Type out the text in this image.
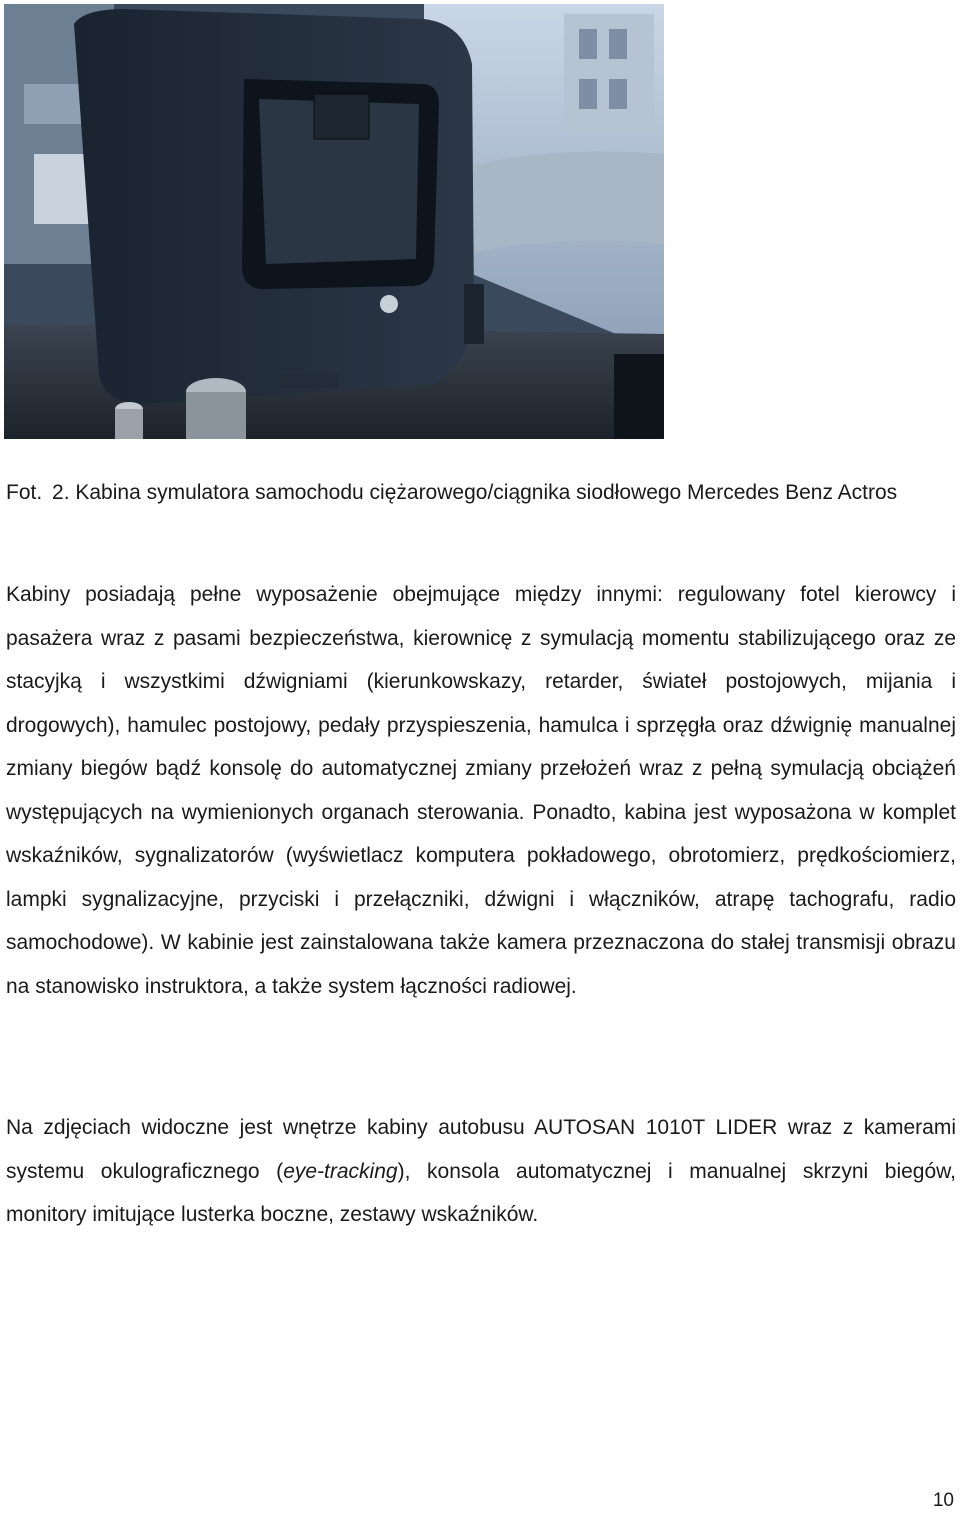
Fot. 2. Kabina symulatora samochodu ciężarowego/ciągnika siodłowego Mercedes Benz Actros

Kabiny posiadają pełne wyposażenie obejmujące między innymi: regulowany fotel kierowcy i pasażera wraz z pasami bezpieczeństwa, kierownicę z symulacją momentu stabilizującego oraz ze stacyjką i wszystkimi dźwigniami (kierunkowskazy, retarder, świateł postojowych, mijania i drogowych), hamulec postojowy, pedały przyspieszenia, hamulca i sprzęgła oraz dźwignię manualnej zmiany biegów bądź konsolę do automatycznej zmiany przełożeń wraz z pełną symulacją obciążeń występujących na wymienionych organach sterowania. Ponadto, kabina jest wyposażona w komplet wskaźników, sygnalizatorów (wyświetlacz komputera pokładowego, obrotomierz, prędkościomierz, lampki sygnalizacyjne, przyciski i przełączniki, dźwigni i włączników, atrapę tachografu, radio samochodowe). W kabinie jest zainstalowana także kamera przeznaczona do stałej transmisji obrazu na stanowisko instruktora, a także system łączności radiowej.

Na zdjęciach widoczne jest wnętrze kabiny autobusu AUTOSAN 1010T LIDER wraz z kamerami systemu okulograficznego (eye-tracking), konsola automatycznej i manualnej skrzyni biegów, monitory imitujące lusterka boczne, zestawy wskaźników.

10
